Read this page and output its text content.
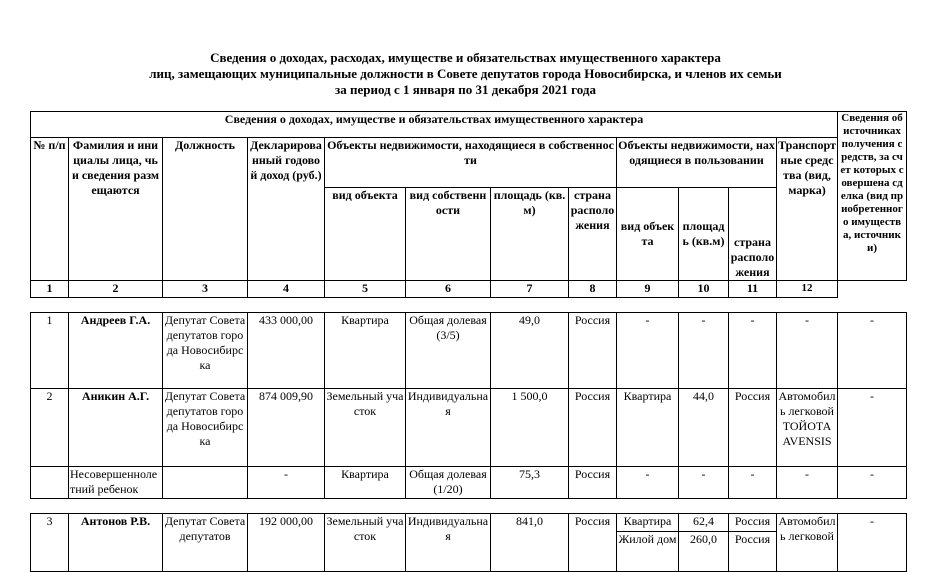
Сведения о доходах, расходах, имуществе и обязательствах имущественного характера
лиц, замещающих муниципальные должности в Совете депутатов города Новосибирска, и членов их семьи
за период с 1 января по 31 декабря 2021 года
Сведения о доходах, имуществе и обязательствах имущественного характера												Сведения об источниках получения средств, за счет которых совершена сделка (вид приобретенного имущества, источники)
№ п/п	Фамилия и инициалы лица, чьи сведения размещаются	Должность	Декларированный годовой доход (руб.)	Объекты недвижимости, находящиеся в собственности				Объекты недвижимости, находящиеся в пользовании			Транспортные средства (вид, марка)	
				вид объекта	вид собственности	площадь (кв.м)	страна расположения	вид объекта	площадь (кв.м)	страна расположения		
1	2	3	4	5	6	7	8	9	10	11	12	
1	Андреев Г.А.	Депутат Совета депутатов города Новосибирска	433 000,00	Квартира	Общая долевая (3/5)	49,0	Россия	-	-	-	-	-
2	Аникин А.Г.	Депутат Совета депутатов города Новосибирска	874 009,90	Земельный участок	Индивидуальная	1 500,0	Россия	Квартира	44,0	Россия	Автомобиль легковой ТОЙОТА AVENSIS	-
	Несовершеннолетний ребенок		-	Квартира	Общая долевая (1/20)	75,3	Россия	-	-	-	-	-

3	Антонов Р.В.	Депутат Совета депутатов	192 000,00	Земельный участок	Индивидуальная	841,0	Россия	Квартира	62,4	Россия	Автомобиль легковой	-
								Жилой дом	260,0	Россия		
